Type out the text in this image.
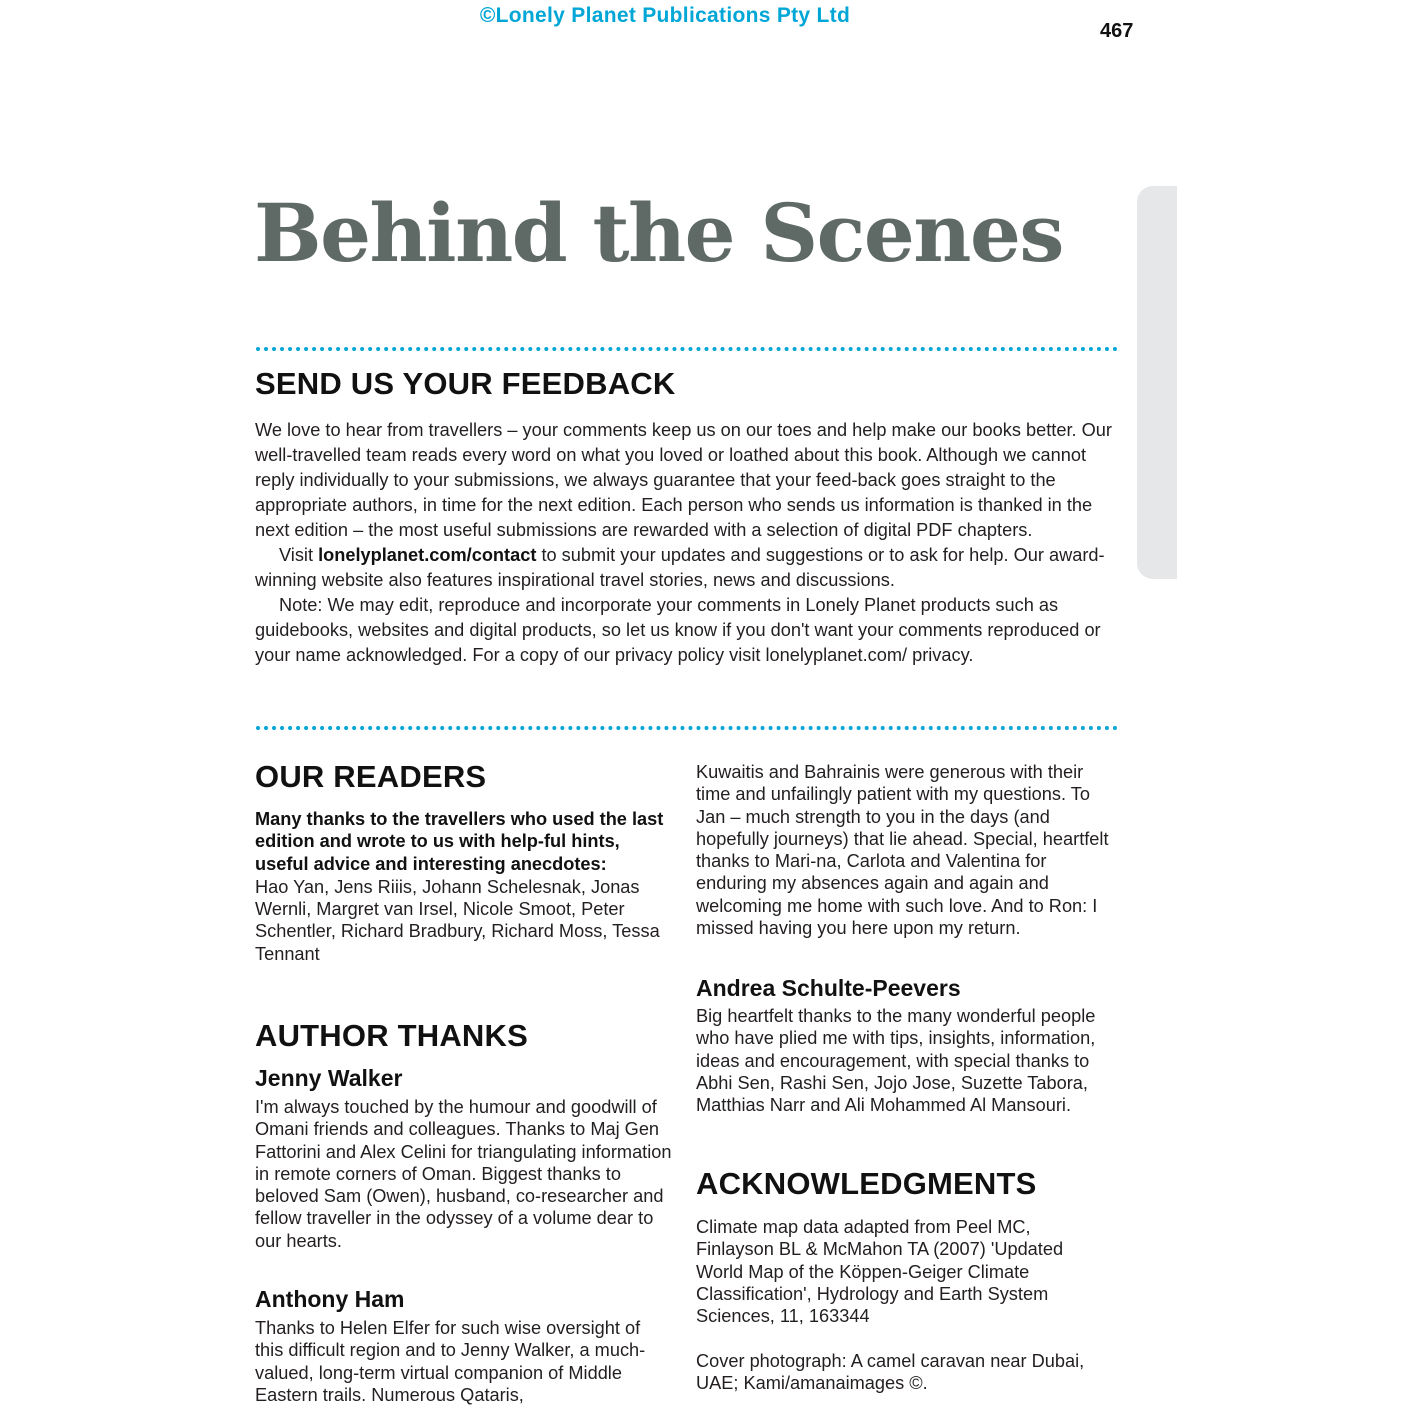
©Lonely Planet Publications Pty Ltd
467
Behind the Scenes
SEND US YOUR FEEDBACK

We love to hear from travellers – your comments keep us on our toes and help make our books better. Our well-travelled team reads every word on what you loved or loathed about this book. Although we cannot reply individually to your submissions, we always guarantee that your feed-back goes straight to the appropriate authors, in time for the next edition. Each person who sends us information is thanked in the next edition – the most useful submissions are rewarded with a selection of digital PDF chapters.

Visit lonelyplanet.com/contact to submit your updates and suggestions or to ask for help. Our award-winning website also features inspirational travel stories, news and discussions.

Note: We may edit, reproduce and incorporate your comments in Lonely Planet products such as guidebooks, websites and digital products, so let us know if you don't want your comments reproduced or your name acknowledged. For a copy of our privacy policy visit lonelyplanet.com/ privacy.

OUR READERS

Many thanks to the travellers who used the last edition and wrote to us with help-ful hints, useful advice and interesting anecdotes:

Hao Yan, Jens Riiis, Johann Schelesnak, Jonas Wernli, Margret van Irsel, Nicole Smoot, Peter Schentler, Richard Bradbury, Richard Moss, Tessa Tennant

AUTHOR THANKS
Jenny Walker

I'm always touched by the humour and goodwill of Omani friends and colleagues. Thanks to Maj Gen Fattorini and Alex Celini for triangulating information in remote corners of Oman. Biggest thanks to beloved Sam (Owen), husband, co-researcher and fellow traveller in the odyssey of a volume dear to our hearts.

Anthony Ham

Thanks to Helen Elfer for such wise oversight of this difficult region and to Jenny Walker, a much-valued, long-term virtual companion of Middle Eastern trails. Numerous Qataris,

Kuwaitis and Bahrainis were generous with their time and unfailingly patient with my questions. To Jan – much strength to you in the days (and hopefully journeys) that lie ahead. Special, heartfelt thanks to Mari-na, Carlota and Valentina for enduring my absences again and again and welcoming me home with such love. And to Ron: I missed having you here upon my return.

Andrea Schulte-Peevers

Big heartfelt thanks to the many wonderful people who have plied me with tips, insights, information, ideas and encouragement, with special thanks to Abhi Sen, Rashi Sen, Jojo Jose, Suzette Tabora, Matthias Narr and Ali Mohammed Al Mansouri.

ACKNOWLEDGMENTS

Climate map data adapted from Peel MC, Finlayson BL & McMahon TA (2007) 'Updated World Map of the Köppen-Geiger Climate Classification', Hydrology and Earth System Sciences, 11, 163344

Cover photograph: A camel caravan near Dubai, UAE; Kami/amanaimages ©.
